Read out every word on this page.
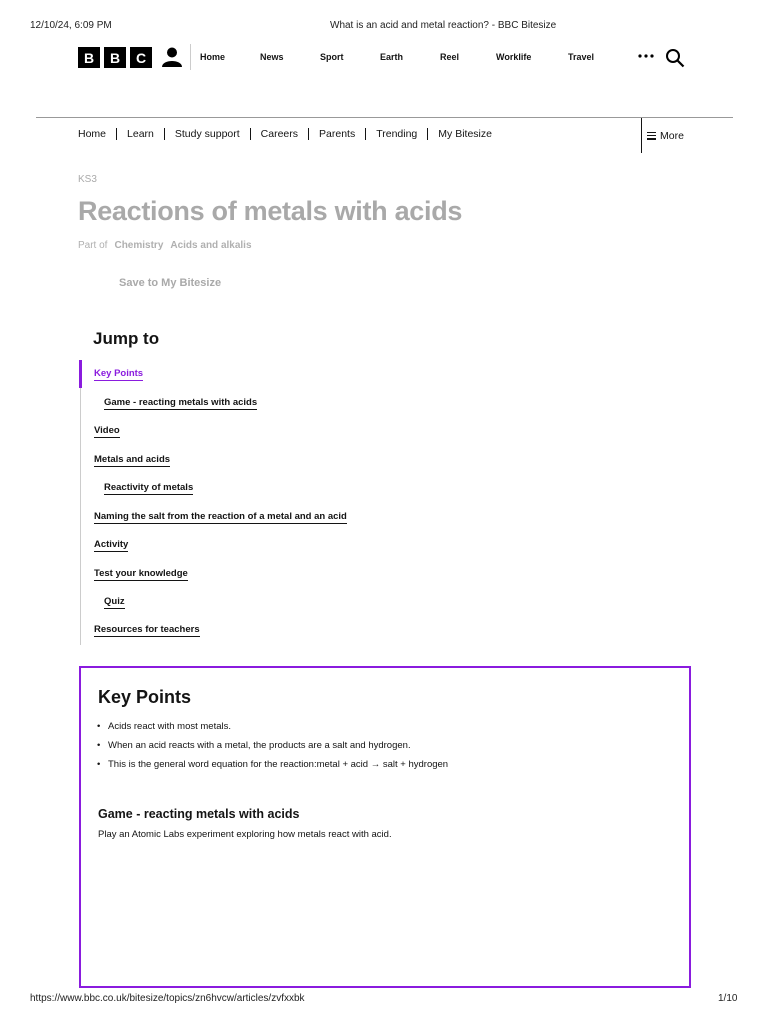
12/10/24, 6:09 PM	What is an acid and metal reaction? - BBC Bitesize
B	B	C	Home	News	Sport	Earth	Reel	Worklife	Travel
Home Learn Study support Careers Parents Trending My Bitesize	More
KS3
Reactions of metals with acids
Part of Chemistry Acids and alkalis
Save to My Bitesize
Jump to
Key Points
Game - reacting metals with acids
Video
Metals and acids
Reactivity of metals
Naming the salt from the reaction of a metal and an acid
Activity
Test your knowledge
Quiz
Resources for teachers
Key Points
• Acids react with most metals.
• When an acid reacts with a metal, the products are a salt and hydrogen.
• This is the general word equation for the reaction:metal + acid → salt + hydrogen
Game - reacting metals with acids

Play an Atomic Labs experiment exploring how metals react with acid.

https://www.bbc.co.uk/bitesize/topics/zn6hvcw/articles/zvfxxbk	1/10
